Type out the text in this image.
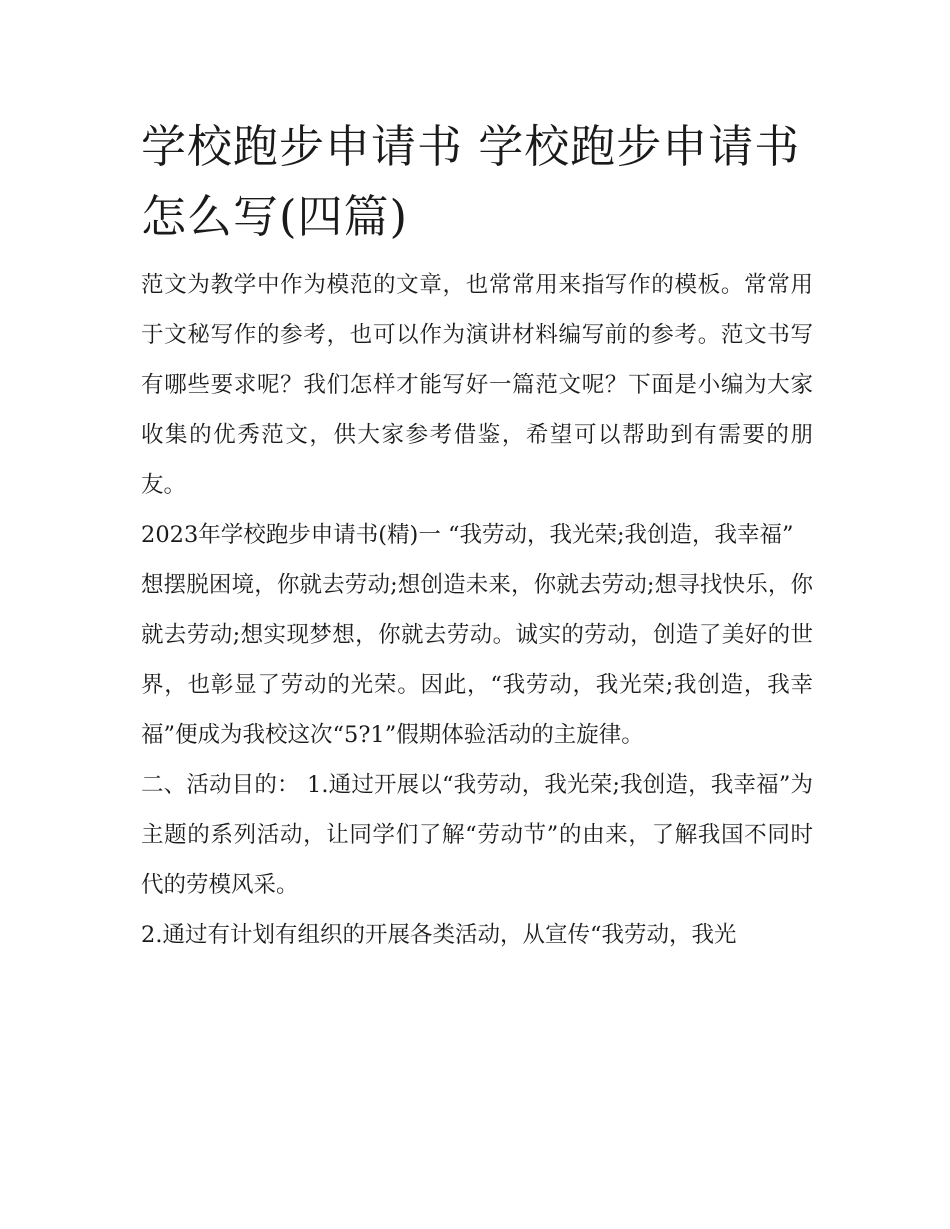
学校跑步申请书 学校跑步申请书怎么写(四篇)

范文为教学中作为模范的文章，也常常用来指写作的模板。常常用于文秘写作的参考，也可以作为演讲材料编写前的参考。范文书写有哪些要求呢？我们怎样才能写好一篇范文呢？下面是小编为大家收集的优秀范文，供大家参考借鉴，希望可以帮助到有需要的朋友。

2023年学校跑步申请书(精)一 “我劳动，我光荣;我创造，我幸福”

想摆脱困境，你就去劳动;想创造未来，你就去劳动;想寻找快乐，你就去劳动;想实现梦想，你就去劳动。诚实的劳动，创造了美好的世界，也彰显了劳动的光荣。因此，“我劳动，我光荣;我创造，我幸福”便成为我校这次“5?1”假期体验活动的主旋律。

二、活动目的： 1.通过开展以“我劳动，我光荣;我创造，我幸福”为主题的系列活动，让同学们了解“劳动节”的由来，了解我国不同时代的劳模风采。

2.通过有计划有组织的开展各类活动，从宣传“我劳动，我光
